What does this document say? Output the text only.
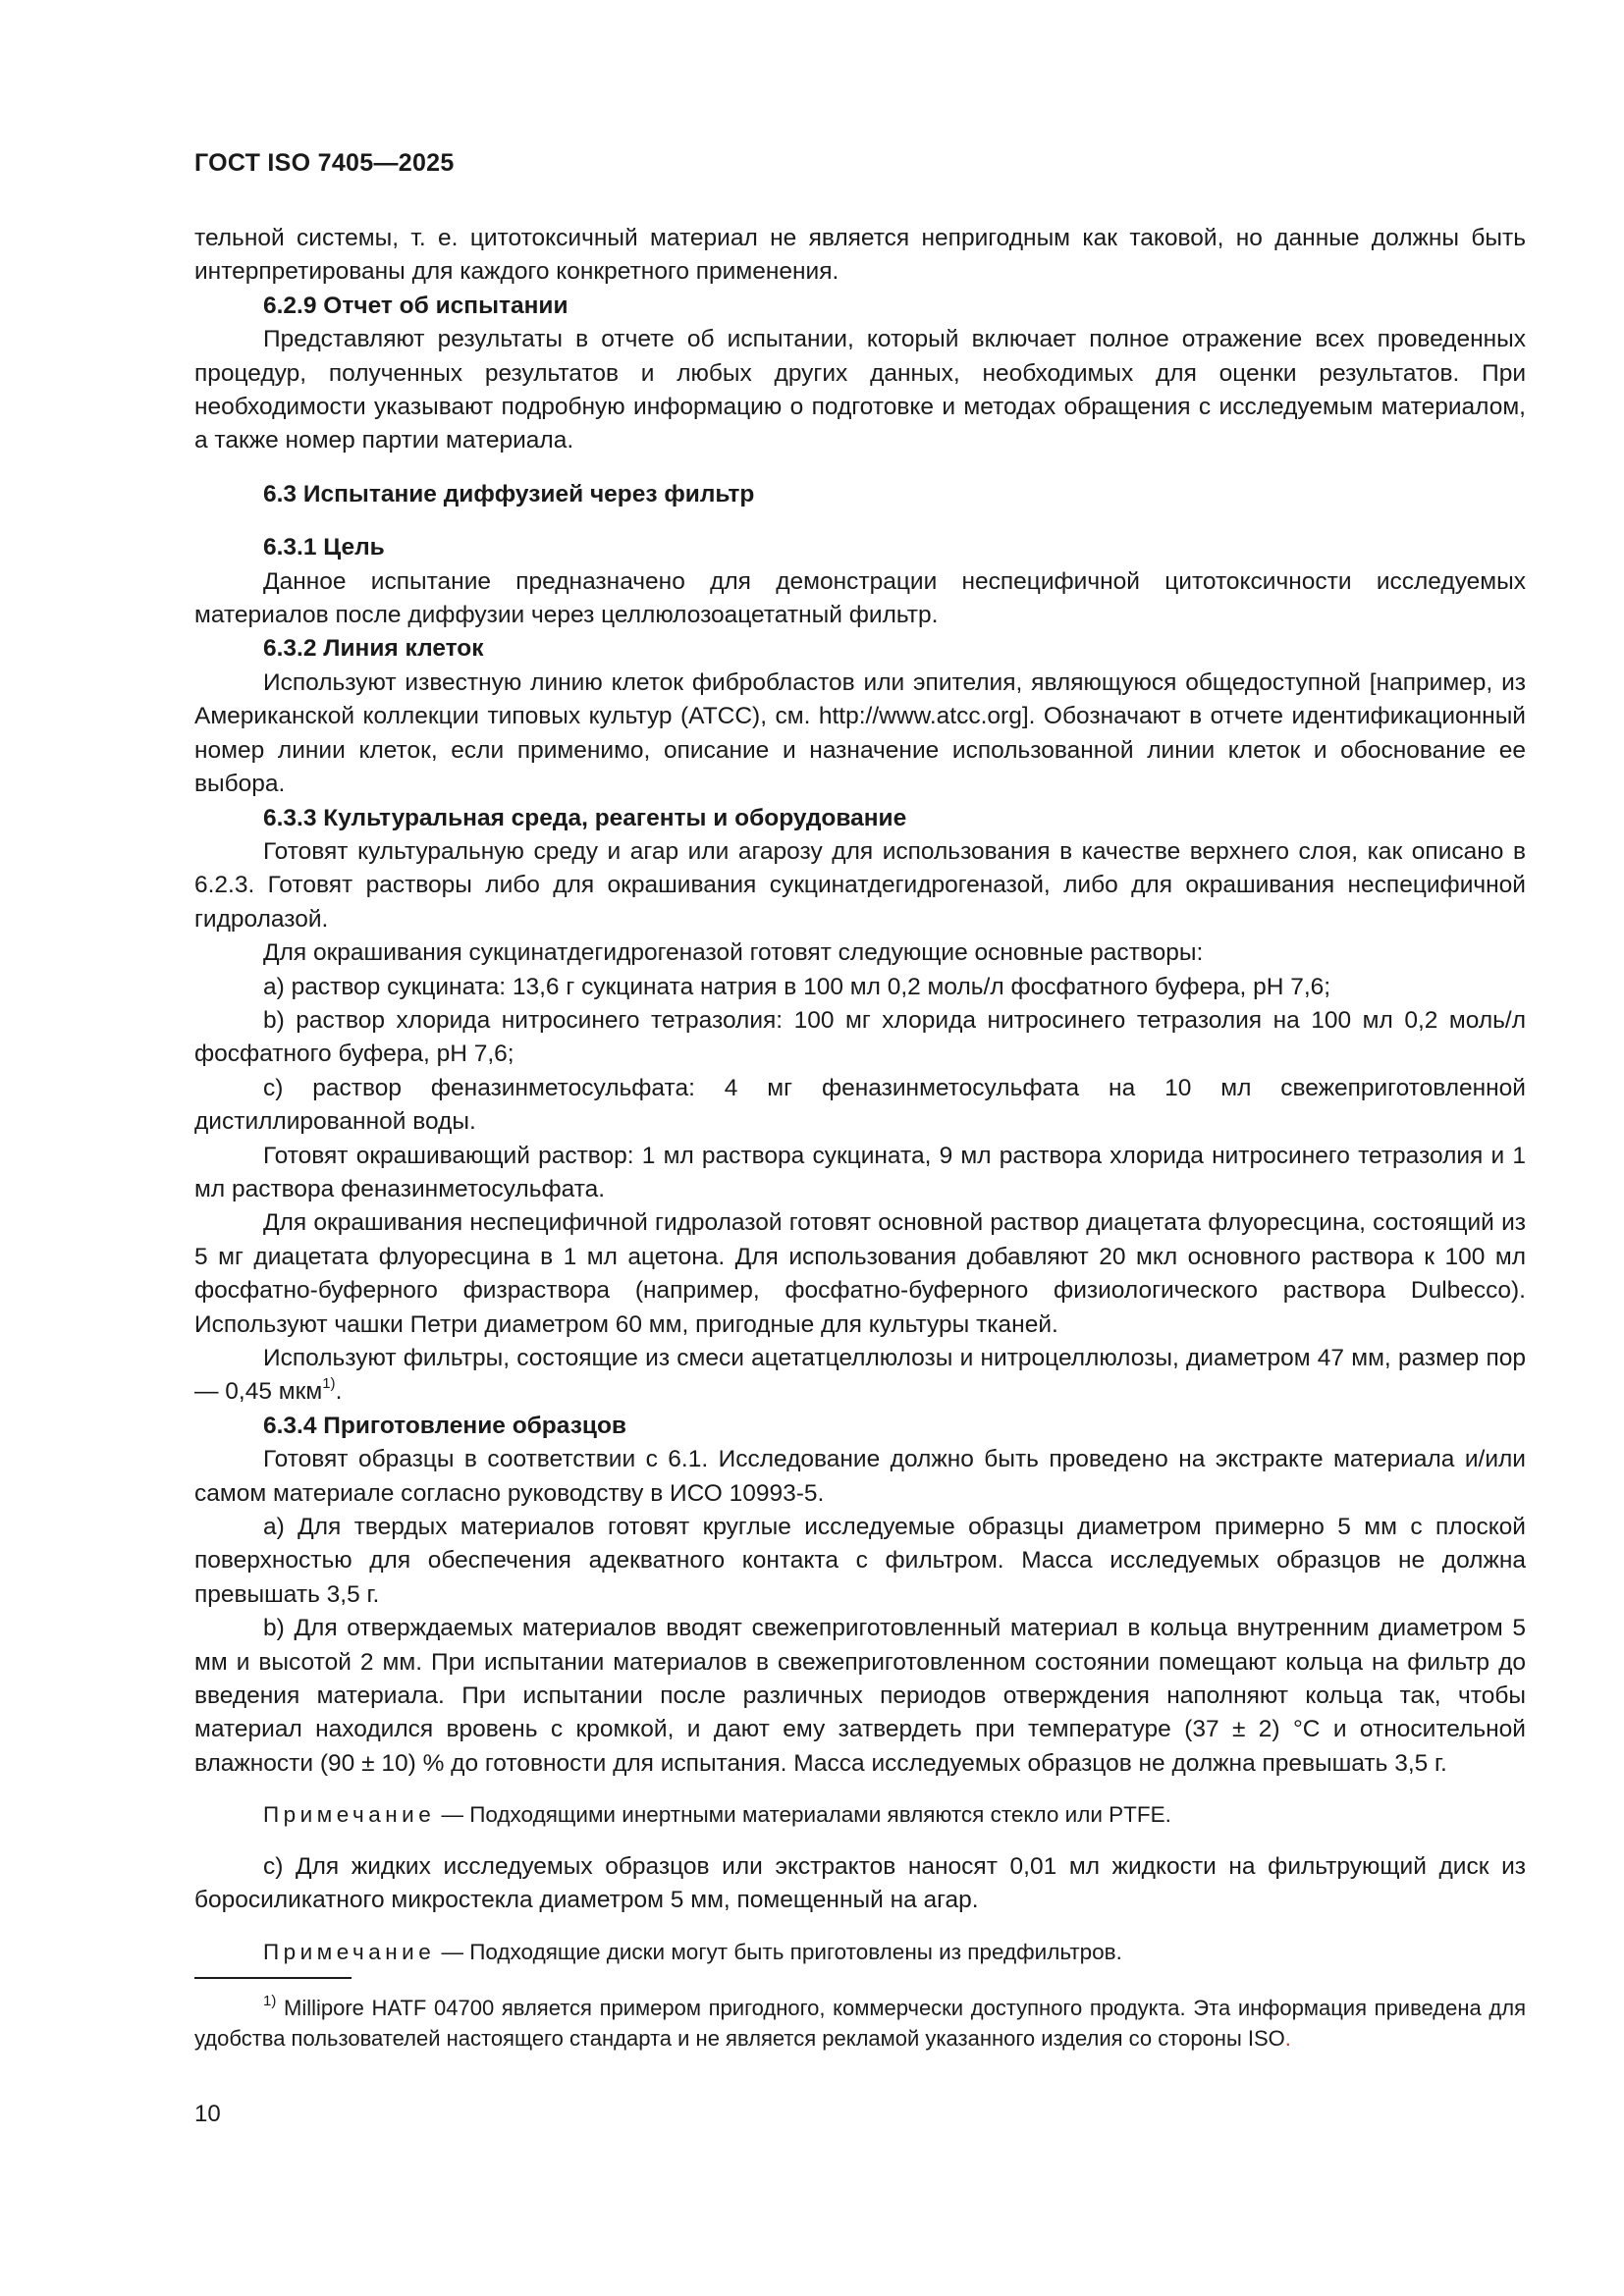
ГОСТ ISO 7405—2025

тельной системы, т. е. цитотоксичный материал не является непригодным как таковой, но данные должны быть интерпретированы для каждого конкретного применения.

6.2.9 Отчет об испытании

Представляют результаты в отчете об испытании, который включает полное отражение всех проведенных процедур, полученных результатов и любых других данных, необходимых для оценки результатов. При необходимости указывают подробную информацию о подготовке и методах обращения с исследуемым материалом, а также номер партии материала.

6.3 Испытание диффузией через фильтр
6.3.1 Цель

Данное испытание предназначено для демонстрации неспецифичной цитотоксичности исследуемых материалов после диффузии через целлюлозоацетатный фильтр.

6.3.2 Линия клеток

Используют известную линию клеток фибробластов или эпителия, являющуюся общедоступной [например, из Американской коллекции типовых культур (ATCC), см. http://www.atcc.org]. Обозначают в отчете идентификационный номер линии клеток, если применимо, описание и назначение использованной линии клеток и обоснование ее выбора.

6.3.3 Культуральная среда, реагенты и оборудование

Готовят культуральную среду и агар или агарозу для использования в качестве верхнего слоя, как описано в 6.2.3. Готовят растворы либо для окрашивания сукцинатдегидрогеназой, либо для окрашивания неспецифичной гидролазой.

Для окрашивания сукцинатдегидрогеназой готовят следующие основные растворы:

a) раствор сукцината: 13,6 г сукцината натрия в 100 мл 0,2 моль/л фосфатного буфера, рН 7,6;

b) раствор хлорида нитросинего тетразолия: 100 мг хлорида нитросинего тетразолия на 100 мл 0,2 моль/л фосфатного буфера, рН 7,6;

c) раствор феназинметосульфата: 4 мг феназинметосульфата на 10 мл свежеприготовленной дистиллированной воды.

Готовят окрашивающий раствор: 1 мл раствора сукцината, 9 мл раствора хлорида нитросинего тетразолия и 1 мл раствора феназинметосульфата.

Для окрашивания неспецифичной гидролазой готовят основной раствор диацетата флуоресцина, состоящий из 5 мг диацетата флуоресцина в 1 мл ацетона. Для использования добавляют 20 мкл основного раствора к 100 мл фосфатно-буферного физраствора (например, фосфатно-буферного физиологического раствора Dulbecco). Используют чашки Петри диаметром 60 мм, пригодные для культуры тканей.

Используют фильтры, состоящие из смеси ацетатцеллюлозы и нитроцеллюлозы, диаметром 47 мм, размер пор — 0,45 мкм$^{1)}$.

6.3.4 Приготовление образцов

Готовят образцы в соответствии с 6.1. Исследование должно быть проведено на экстракте материала и/или самом материале согласно руководству в ИСО 10993-5.

a) Для твердых материалов готовят круглые исследуемые образцы диаметром примерно 5 мм с плоской поверхностью для обеспечения адекватного контакта с фильтром. Масса исследуемых образцов не должна превышать 3,5 г.

b) Для отверждаемых материалов вводят свежеприготовленный материал в кольца внутренним диаметром 5 мм и высотой 2 мм. При испытании материалов в свежеприготовленном состоянии помещают кольца на фильтр до введения материала. При испытании после различных периодов отверждения наполняют кольца так, чтобы материал находился вровень с кромкой, и дают ему затвердеть при температуре (37 ± 2) °С и относительной влажности (90 ± 10) % до готовности для испытания. Масса исследуемых образцов не должна превышать 3,5 г.

Примечание — Подходящими инертными материалами являются стекло или PTFE.

c) Для жидких исследуемых образцов или экстрактов наносят 0,01 мл жидкости на фильтрующий диск из боросиликатного микростекла диаметром 5 мм, помещенный на агар.

Примечание — Подходящие диски могут быть приготовлены из предфильтров.

$^{1)}$ Millipore HATF 04700 является примером пригодного, коммерчески доступного продукта. Эта информация приведена для удобства пользователей настоящего стандарта и не является рекламой указанного изделия со стороны ISO.
10
